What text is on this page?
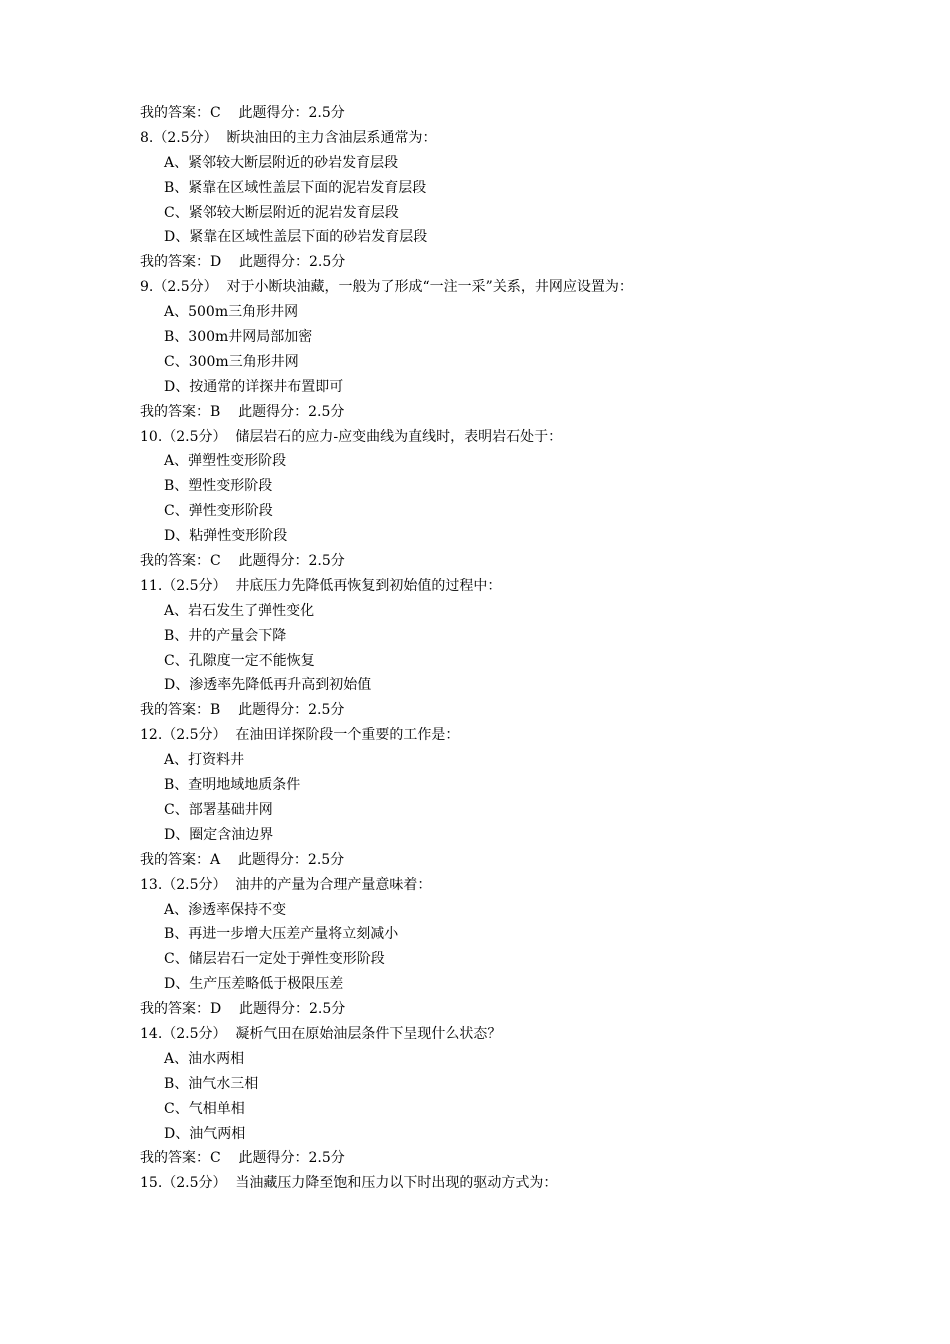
我的答案：C    此题得分：2.5分
8.（2.5分）  断块油田的主力含油层系通常为：
A、紧邻较大断层附近的砂岩发育层段
B、紧靠在区域性盖层下面的泥岩发育层段
C、紧邻较大断层附近的泥岩发育层段
D、紧靠在区域性盖层下面的砂岩发育层段
我的答案：D    此题得分：2.5分
9.（2.5分）  对于小断块油藏，一般为了形成“一注一采”关系，井网应设置为：
A、500m三角形井网
B、300m井网局部加密
C、300m三角形井网
D、按通常的详探井布置即可
我的答案：B    此题得分：2.5分
10.（2.5分）  储层岩石的应力-应变曲线为直线时，表明岩石处于：
A、弹塑性变形阶段
B、塑性变形阶段
C、弹性变形阶段
D、粘弹性变形阶段
我的答案：C    此题得分：2.5分
11.（2.5分）  井底压力先降低再恢复到初始值的过程中：
A、岩石发生了弹性变化
B、井的产量会下降
C、孔隙度一定不能恢复
D、渗透率先降低再升高到初始值
我的答案：B    此题得分：2.5分
12.（2.5分）  在油田详探阶段一个重要的工作是：
A、打资料井
B、查明地域地质条件
C、部署基础井网
D、圈定含油边界
我的答案：A    此题得分：2.5分
13.（2.5分）  油井的产量为合理产量意味着：
A、渗透率保持不变
B、再进一步增大压差产量将立刻减小
C、储层岩石一定处于弹性变形阶段
D、生产压差略低于极限压差
我的答案：D    此题得分：2.5分
14.（2.5分）  凝析气田在原始油层条件下呈现什么状态？
A、油水两相
B、油气水三相
C、气相单相
D、油气两相
我的答案：C    此题得分：2.5分
15.（2.5分）  当油藏压力降至饱和压力以下时出现的驱动方式为：
